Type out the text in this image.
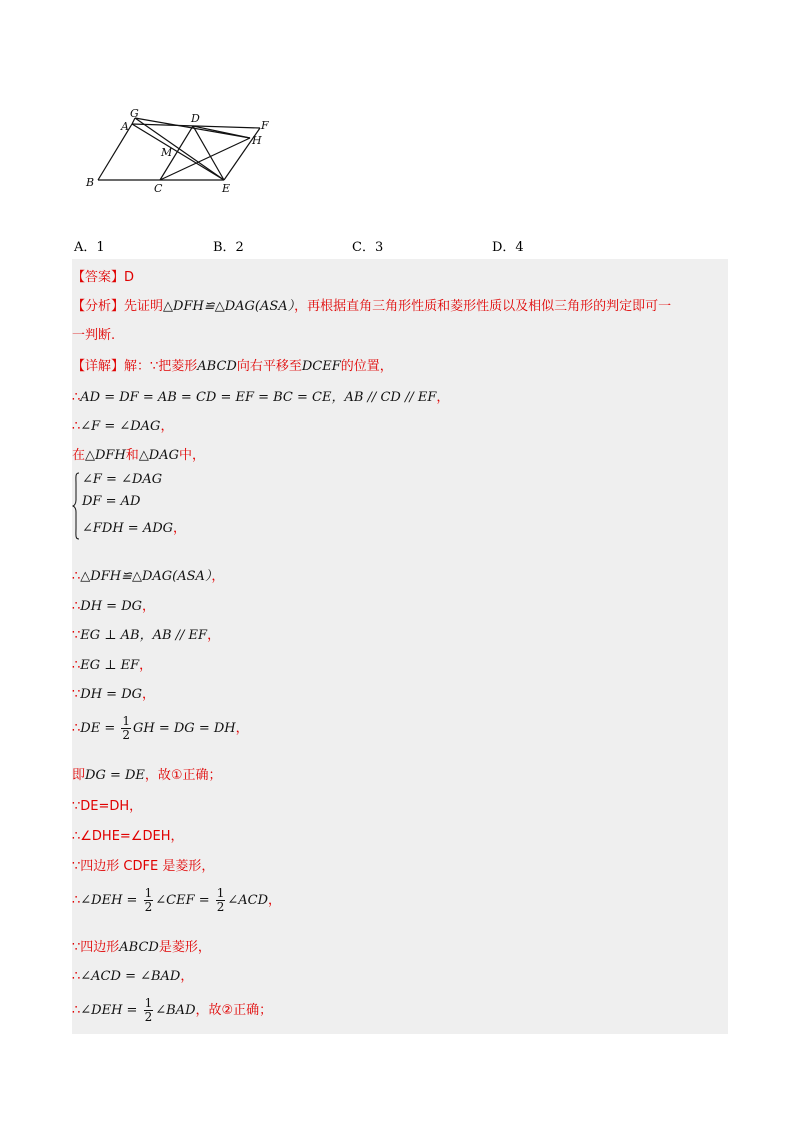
G
A
D
F
H
M
B	C	E
A．1	B．2	C．3	D．4
【答案】D
【分析】先证明△DFH≌△DAG(ASA），再根据直角三角形性质和菱形性质以及相似三角形的判定即可一
一判断.
【详解】解：∵把菱形ABCD向右平移至DCEF的位置，
∴AD = DF = AB = CD = EF = BC = CE，AB // CD // EF，
∴∠F = ∠DAG，
在△DFH和△DAG中，
∠F = ∠DAG
DF = AD
∠FDH = ADG，
∴△DFH≌△DAG(ASA），
∴DH = DG，
∵EG ⊥ AB，AB // EF，
∴EG ⊥ EF，
∵DH = DG，
∴DE = $\frac{1}{2}$ GH = DG = DH，
即DG = DE，故①正确；
∵DE=DH，
∴∠DHE=∠DEH，
∵四边形 CDFE 是菱形，
∴∠DEH = $\frac{1}{2}$ ∠CEF = $\frac{1}{2}$ ∠ACD，
∵四边形ABCD是菱形，
∴∠ACD = ∠BAD，
∴∠DEH = $\frac{1}{2}$ ∠BAD，故②正确；
